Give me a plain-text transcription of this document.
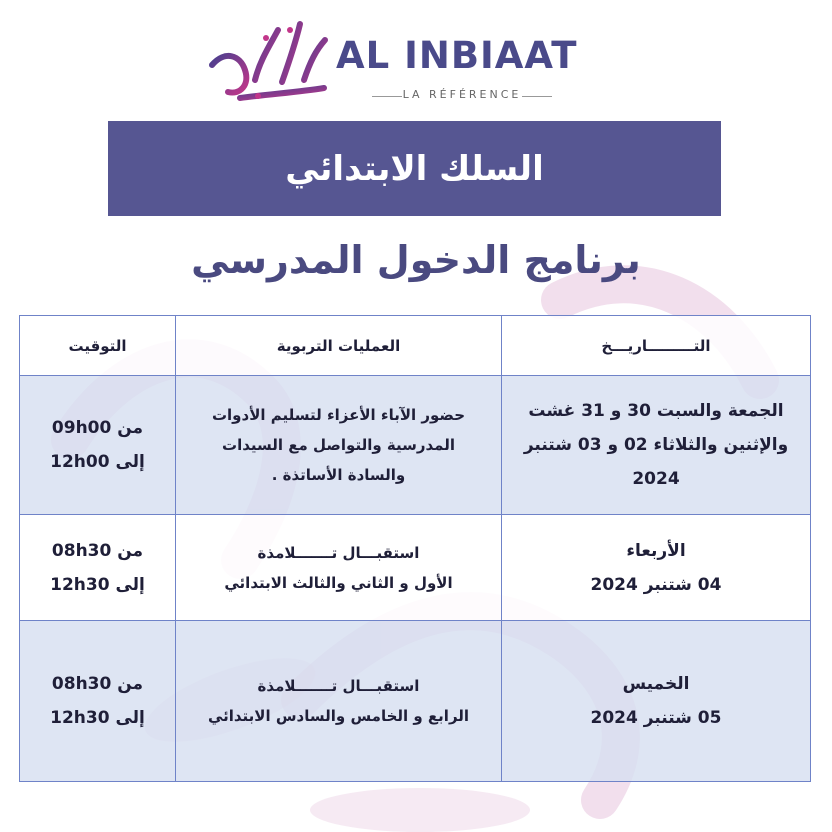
AL INBIAAT
LA RÉFÉRENCE
السلك الابتدائي
برنامج الدخول المدرسي
التـــــــــاريـــخ	العمليات التربوية	التوقيت

الجمعة والسبت 30 و 31 غشت
والإثنين والثلاثاء 02 و 03 شتنبر
2024	حضور الآباء الأعزاء لتسليم الأدوات
المدرسية والتواصل مع السيدات
والسادة الأساتذة .	من 09h00
إلى 12h00

الأربعاء
04 شتنبر 2024	استقبـــال تـــــــلامذة
الأول و الثاني والثالث الابتدائي	من 08h30
إلى 12h30

الخميس
05 شتنبر 2024	استقبـــال تـــــــلامذة
الرابع و الخامس والسادس الابتدائي	من 08h30
إلى 12h30
